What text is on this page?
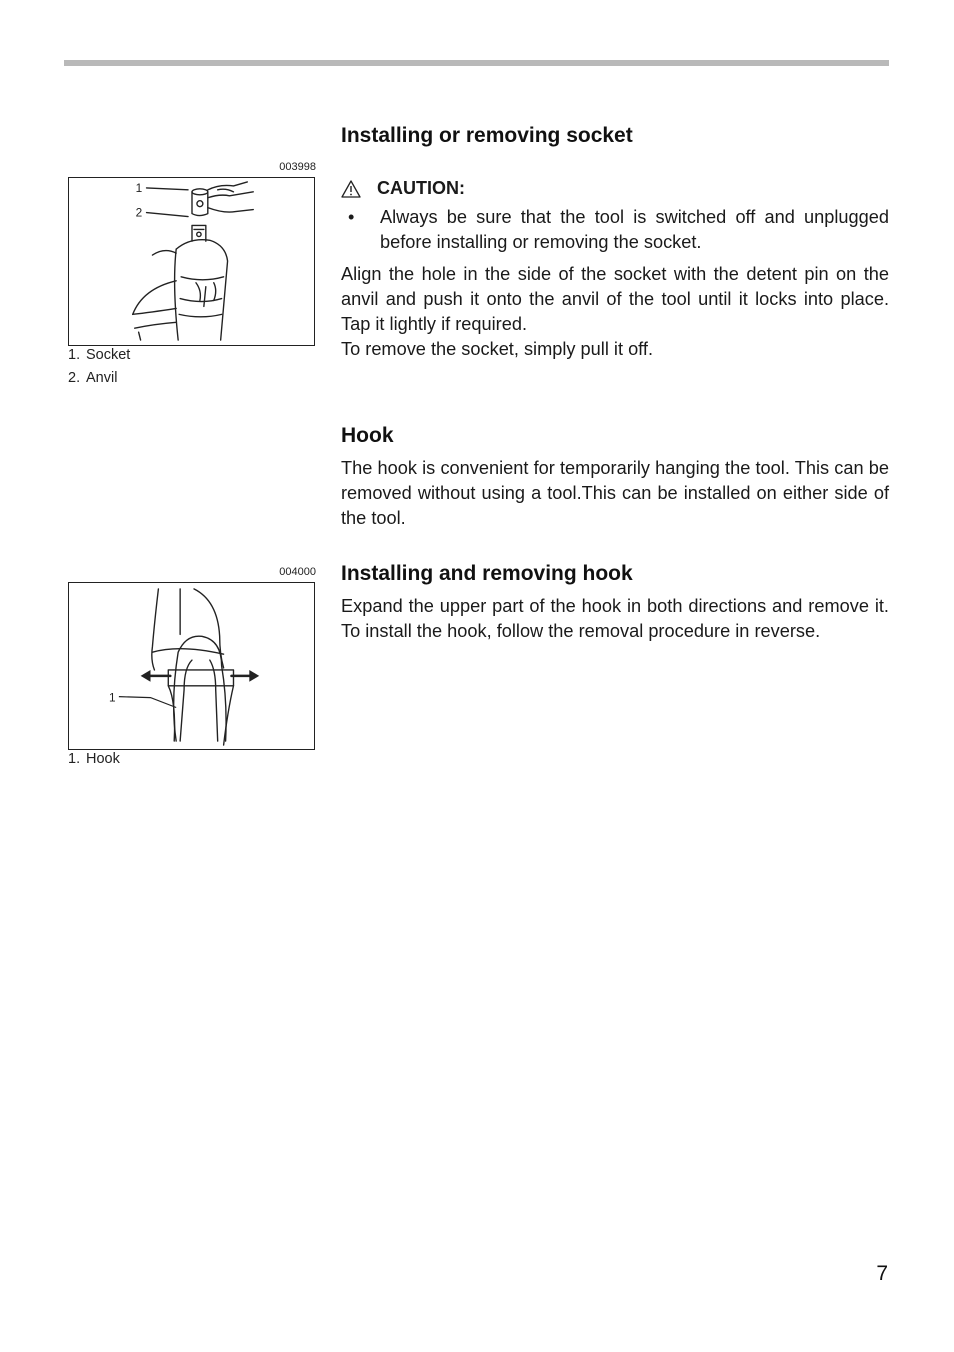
003998
1
2
1. Socket
2. Anvil
004000
1
1. Hook
Installing or removing socket
CAUTION:
•	Always be sure that the tool is switched off and unplugged before installing or removing the socket.

Align the hole in the side of the socket with the detent pin on the anvil and push it onto the anvil of the tool until it locks into place. Tap it lightly if required.

To remove the socket, simply pull it off.

Hook

The hook is convenient for temporarily hanging the tool. This can be removed without using a tool.This can be installed on either side of the tool.

Installing and removing hook

Expand the upper part of the hook in both directions and remove it. To install the hook, follow the removal procedure in reverse.

7
